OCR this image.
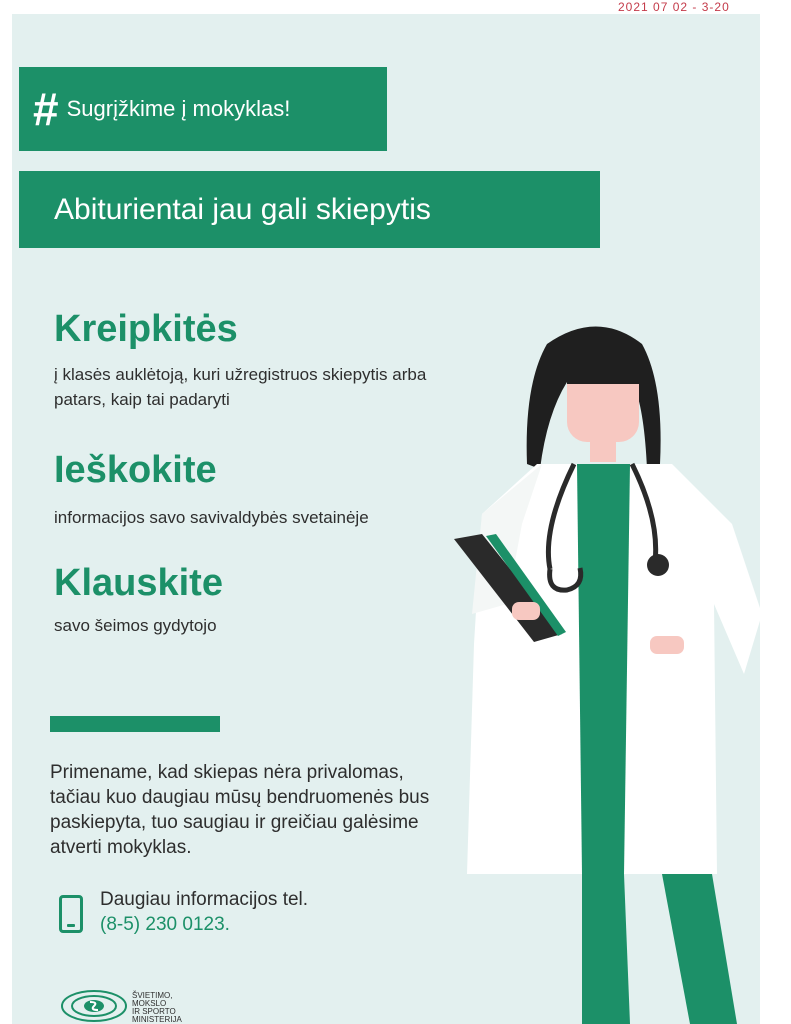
2021 07 02 - 3-20
# Sugrįžkime į mokyklas!
Abiturientai jau gali skiepytis
Kreipkitės
į klasės auklėtoją, kuri užregistruos skiepytis arba patars, kaip tai padaryti
Ieškokite
informacijos savo savivaldybės svetainėje
Klauskite
savo šeimos gydytojo
Primename, kad skiepas nėra privalomas, tačiau kuo daugiau mūsų bendruomenės bus paskiepyta, tuo saugiau ir greičiau galėsime atverti mokyklas.
Daugiau informacijos tel.
(8-5) 230 0123.
ŠVIETIMO,
MOKSLO
IR SPORTO
MINISTERIJA
